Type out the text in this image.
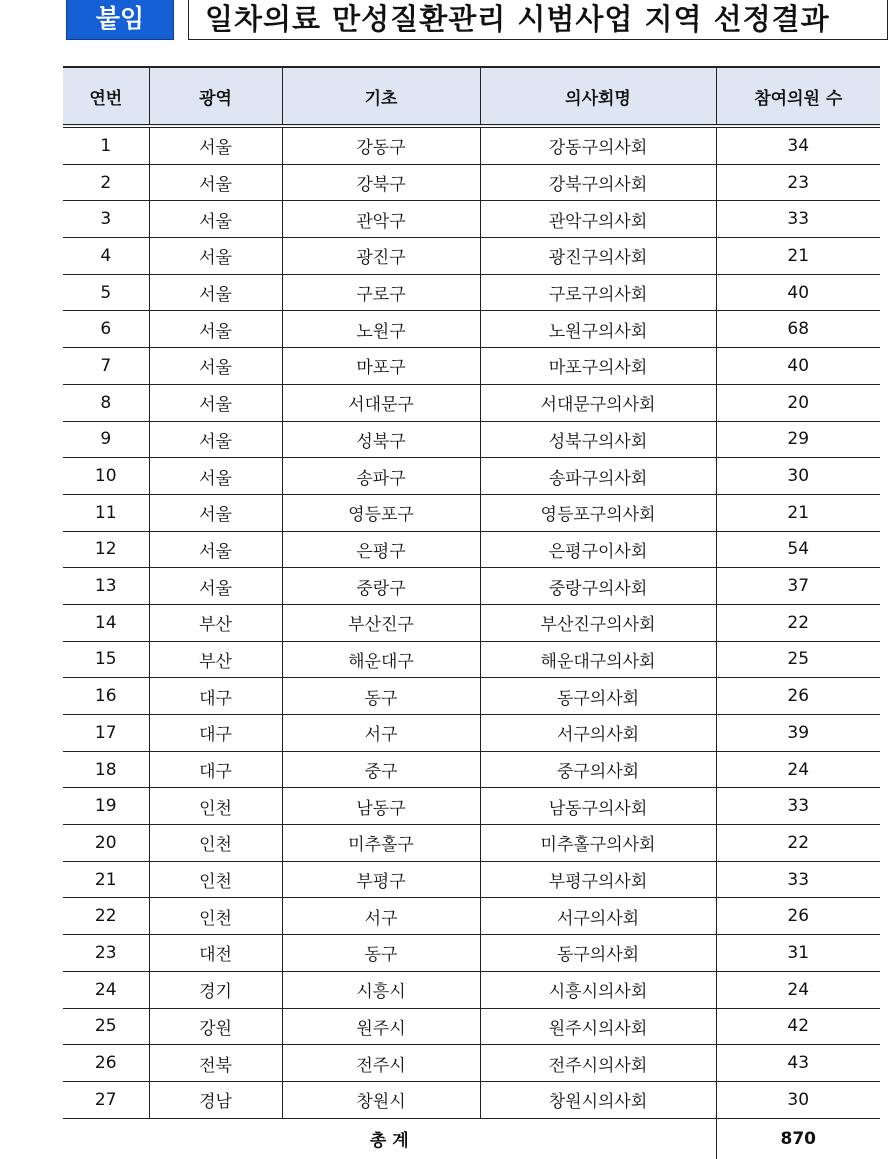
붙임	일차의료 만성질환관리 시범사업 지역 선정결과
연번	광역	기초	의사회명	참여의원 수
1	서울	강동구	강동구의사회	34
2	서울	강북구	강북구의사회	23
3	서울	관악구	관악구의사회	33
4	서울	광진구	광진구의사회	21
5	서울	구로구	구로구의사회	40
6	서울	노원구	노원구의사회	68
7	서울	마포구	마포구의사회	40
8	서울	서대문구	서대문구의사회	20
9	서울	성북구	성북구의사회	29
10	서울	송파구	송파구의사회	30
11	서울	영등포구	영등포구의사회	21
12	서울	은평구	은평구이사회	54
13	서울	중랑구	중랑구의사회	37
14	부산	부산진구	부산진구의사회	22
15	부산	해운대구	해운대구의사회	25
16	대구	동구	동구의사회	26
17	대구	서구	서구의사회	39
18	대구	중구	중구의사회	24
19	인천	남동구	남동구의사회	33
20	인천	미추홀구	미추홀구의사회	22
21	인천	부평구	부평구의사회	33
22	인천	서구	서구의사회	26
23	대전	동구	동구의사회	31
24	경기	시흥시	시흥시의사회	24
25	강원	원주시	원주시의사회	42
26	전북	전주시	전주시의사회	43
27	경남	창원시	창원시의사회	30
총 계				870
